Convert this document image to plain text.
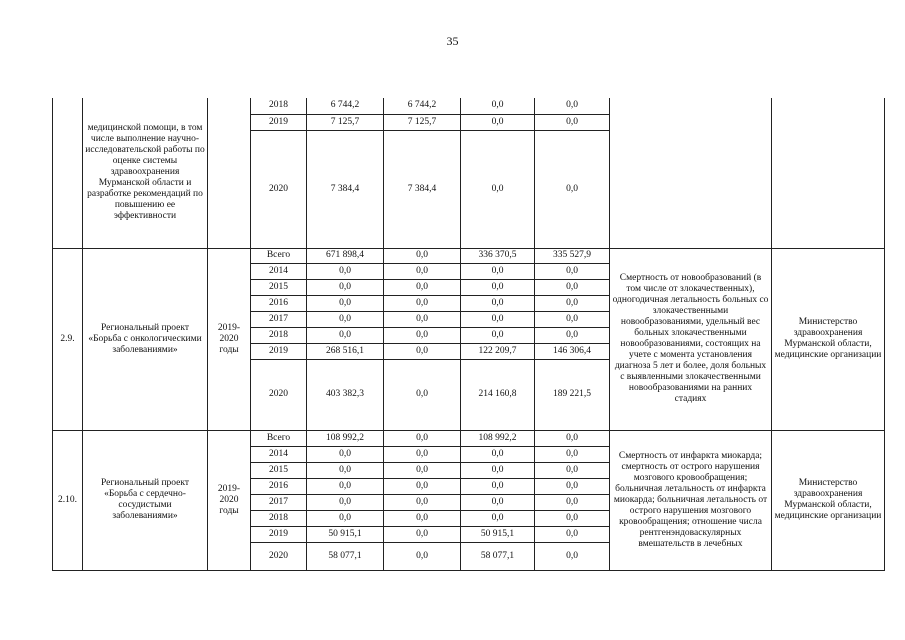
35
	медицинской помощи, в том числе выполнение научно-исследовательской работы по оценке системы здравоохранения Мурманской области и разработке рекомендаций по повышению ее эффективности		2018	6 744,2	6 744,2	0,0	0,0		
			2019	7 125,7	7 125,7	0,0	0,0		
			2020	7 384,4	7 384,4	0,0	0,0		
2.9.	Региональный проект «Борьба с онкологическими заболеваниями»	2019-2020 годы	Всего	671 898,4	0,0	336 370,5	335 527,9	Смертность от новообразований (в том числе от злокачественных), одногодичная летальность больных со злокачественными новообразованиями, удельный вес больных злокачественными новообразованиями, состоящих на учете с момента установления диагноза 5 лет и более, доля больных с выявленными злокачественными новообразованиями на ранних стадиях	Министерство здравоохранения Мурманской области, медицинские организации
			2014	0,0	0,0	0,0	0,0		
			2015	0,0	0,0	0,0	0,0		
			2016	0,0	0,0	0,0	0,0		
			2017	0,0	0,0	0,0	0,0		
			2018	0,0	0,0	0,0	0,0		
			2019	268 516,1	0,0	122 209,7	146 306,4		
			2020	403 382,3	0,0	214 160,8	189 221,5		
2.10.	Региональный проект «Борьба с сердечно-сосудистыми заболеваниями»	2019-2020 годы	Всего	108 992,2	0,0	108 992,2	0,0	Смертность от инфаркта миокарда; смертность от острого нарушения мозгового кровообращения; больничная летальность от инфаркта миокарда; больничная летальность от острого нарушения мозгового кровообращения; отношение числа рентгенэндоваскулярных вмешательств в лечебных	Министерство здравоохранения Мурманской области, медицинские организации
			2014	0,0	0,0	0,0	0,0		
			2015	0,0	0,0	0,0	0,0		
			2016	0,0	0,0	0,0	0,0		
			2017	0,0	0,0	0,0	0,0		
			2018	0,0	0,0	0,0	0,0		
			2019	50 915,1	0,0	50 915,1	0,0		
			2020	58 077,1	0,0	58 077,1	0,0		
